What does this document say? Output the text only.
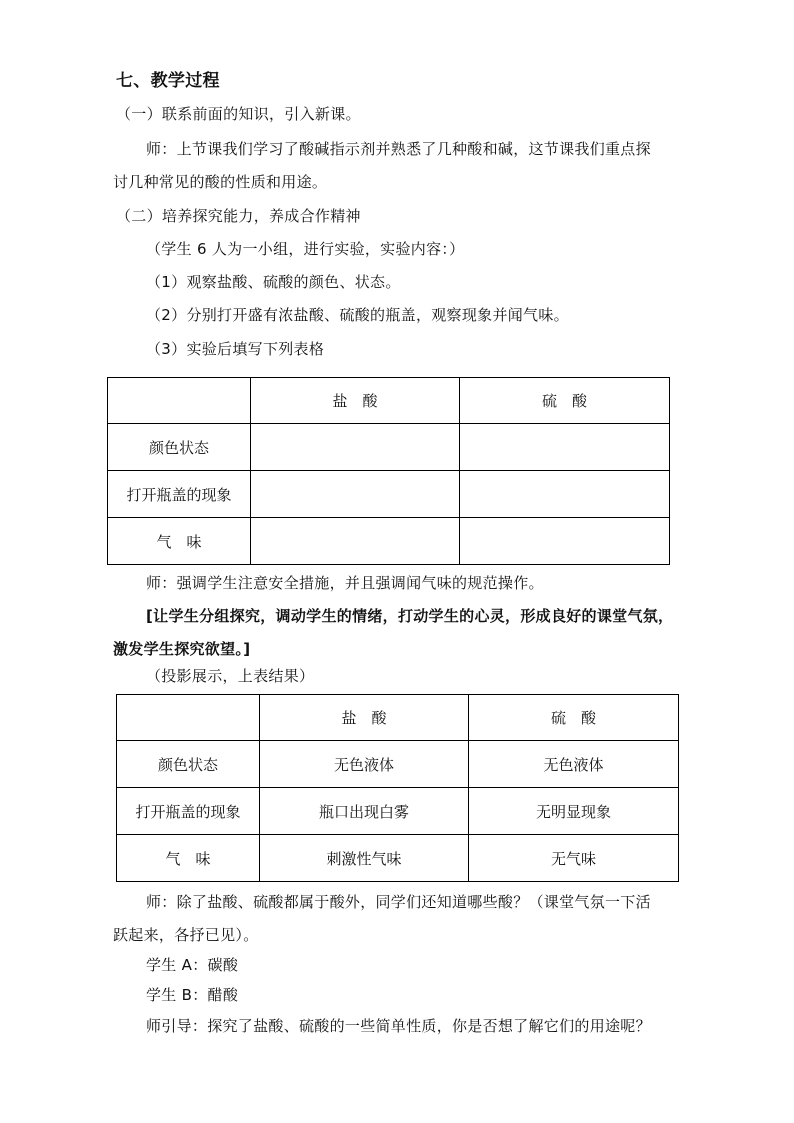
七、教学过程
（一）联系前面的知识，引入新课。
师：上节课我们学习了酸碱指示剂并熟悉了几种酸和碱，这节课我们重点探
讨几种常见的酸的性质和用途。
（二）培养探究能力，养成合作精神
（学生 6 人为一小组，进行实验，实验内容：）
（1）观察盐酸、硫酸的颜色、状态。
（2）分别打开盛有浓盐酸、硫酸的瓶盖，观察现象并闻气味。
（3）实验后填写下列表格
	盐　酸	硫　酸
颜色状态		
打开瓶盖的现象		
气　味		
师：强调学生注意安全措施，并且强调闻气味的规范操作。
[让学生分组探究，调动学生的情绪，打动学生的心灵，形成良好的课堂气氛，
激发学生探究欲望。]
（投影展示，上表结果）
	盐　酸	硫　酸
颜色状态	无色液体	无色液体
打开瓶盖的现象	瓶口出现白雾	无明显现象
气　味	刺激性气味	无气味
师：除了盐酸、硫酸都属于酸外，同学们还知道哪些酸？（课堂气氛一下活
跃起来，各抒已见）。
学生 A：碳酸
学生 B：醋酸
师引导：探究了盐酸、硫酸的一些简单性质，你是否想了解它们的用途呢？
